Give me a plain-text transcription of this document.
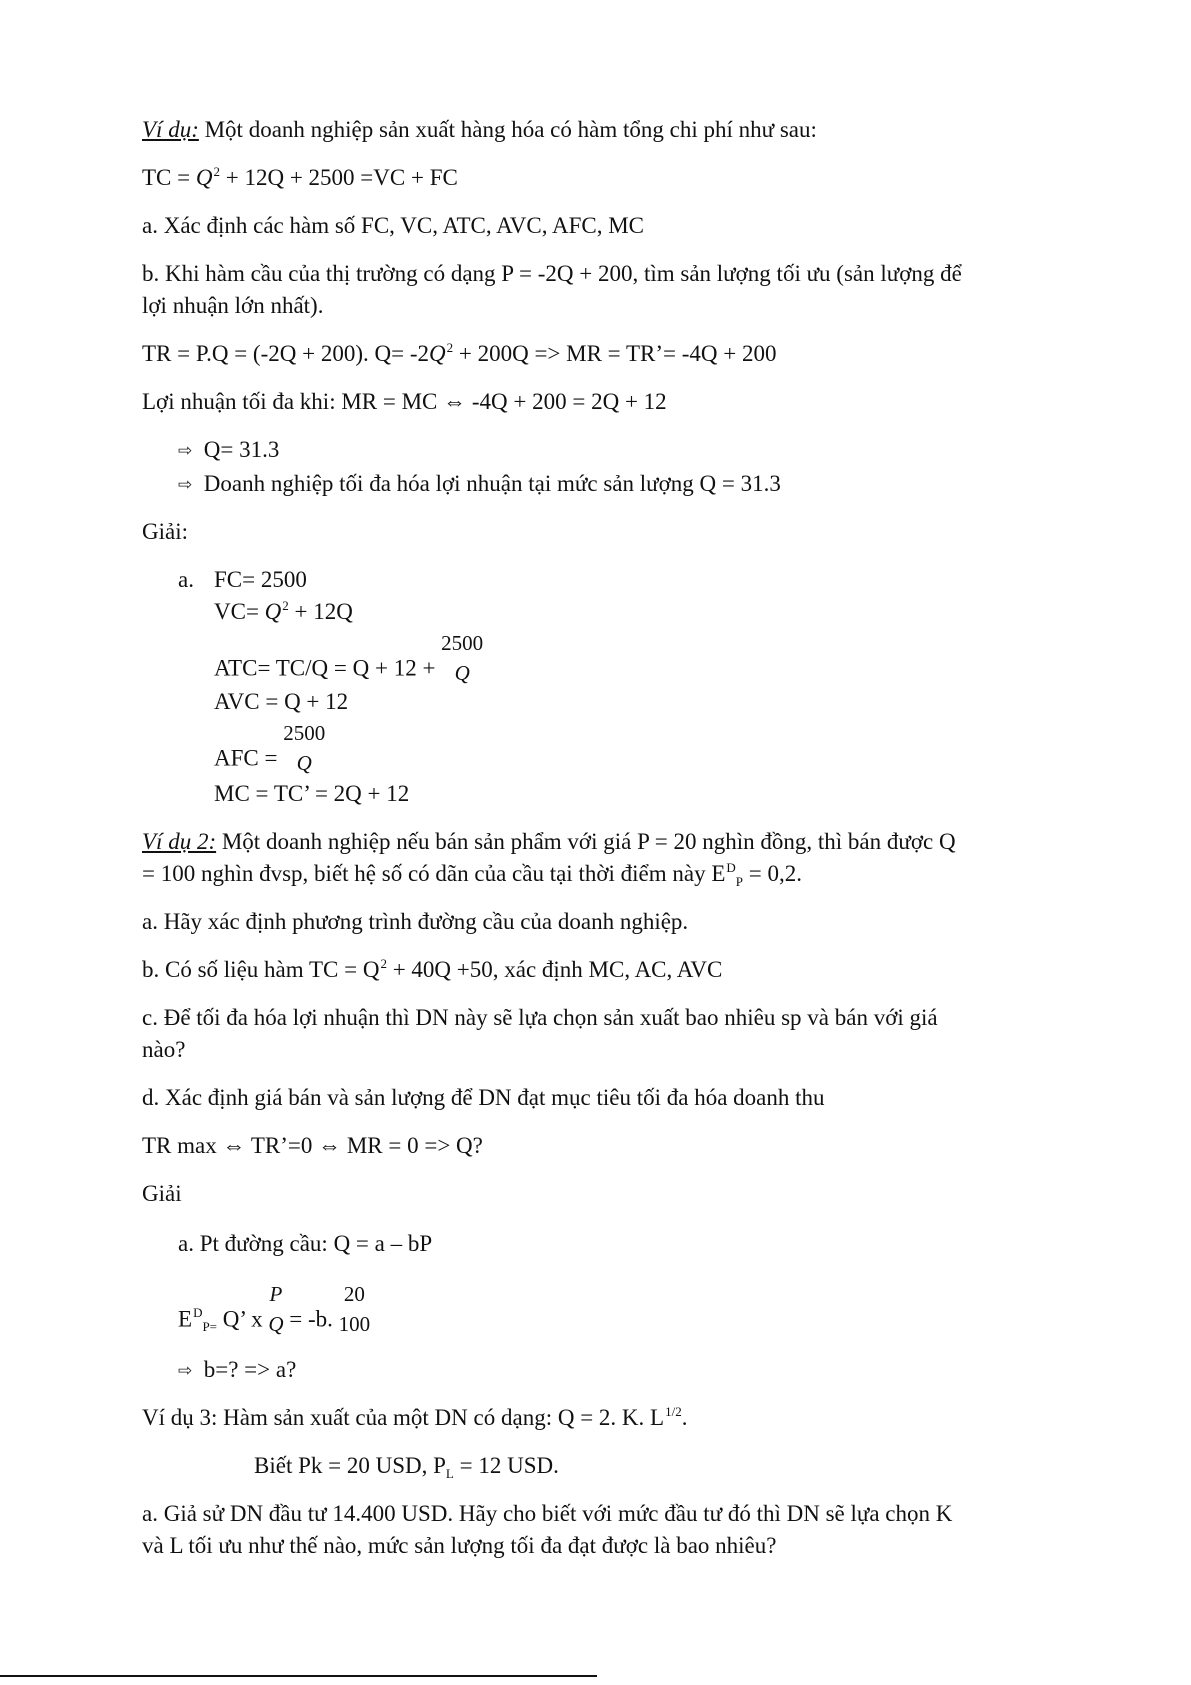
Ví dụ: Một doanh nghiệp sản xuất hàng hóa có hàm tổng chi phí như sau:
TC = $Q^2 + 12Q + 2500 =VC$ + FC
a. Xác định các hàm số FC, VC, ATC, AVC, AFC, MC
b. Khi hàm cầu của thị trường có dạng P = -2Q + 200, tìm sản lượng tối ưu (sản lượng để
lợi nhuận lớn nhất).
TR = P.Q = (-2Q + 200). $Q= -2Q^2 + 200Q$ => MR = TR’= -4Q + 200
Lợi nhuận tối đa khi: MR = MC ⇔ -4Q + 200 = 2Q + 12
⇨ Q= 31.3
⇨ Doanh nghiệp tối đa hóa lợi nhuận tại mức sản lượng Q = 31.3
Giải:
a. FC= 2500
$VC= Q^2 + 12Q$
ATC= TC/Q = Q + 12 +
2500
Q
AVC = Q + 12
AFC =
2500
Q
MC = TC’ = 2Q + 12
Ví dụ 2: Một doanh nghiệp nếu bán sản phẩm với giá P = 20 nghìn đồng, thì bán được Q
= 100 nghìn đvsp, biết hệ số có dãn của cầu tại thời điểm này $E^D_P = 0,2$.
a. Hãy xác định phương trình đường cầu của doanh nghiệp.
b. Có số liệu hàm TC = $Q^2 + 40Q +50$, xác định MC, AC, AVC
c. Để tối đa hóa lợi nhuận thì DN này sẽ lựa chọn sản xuất bao nhiêu sp và bán với giá
nào?
d. Xác định giá bán và sản lượng để DN đạt mục tiêu tối đa hóa doanh thu
TR max ⇔ TR’=0 ⇔ MR = 0 => Q?
Giải
a. Pt đường cầu: Q = a – bP
$E^D_{P=}$ Q’ x
P
Q = -b.
20
100
⇨ b=? => a?
Ví dụ 3: Hàm sản xuất của một DN có dạng: Q = 2. K. $L^{1/2}$.
Biết Pk = 20 USD, $P_L = 12$ USD.
a. Giả sử DN đầu tư 14.400 USD. Hãy cho biết với mức đầu tư đó thì DN sẽ lựa chọn K
và L tối ưu như thế nào, mức sản lượng tối đa đạt được là bao nhiêu?
